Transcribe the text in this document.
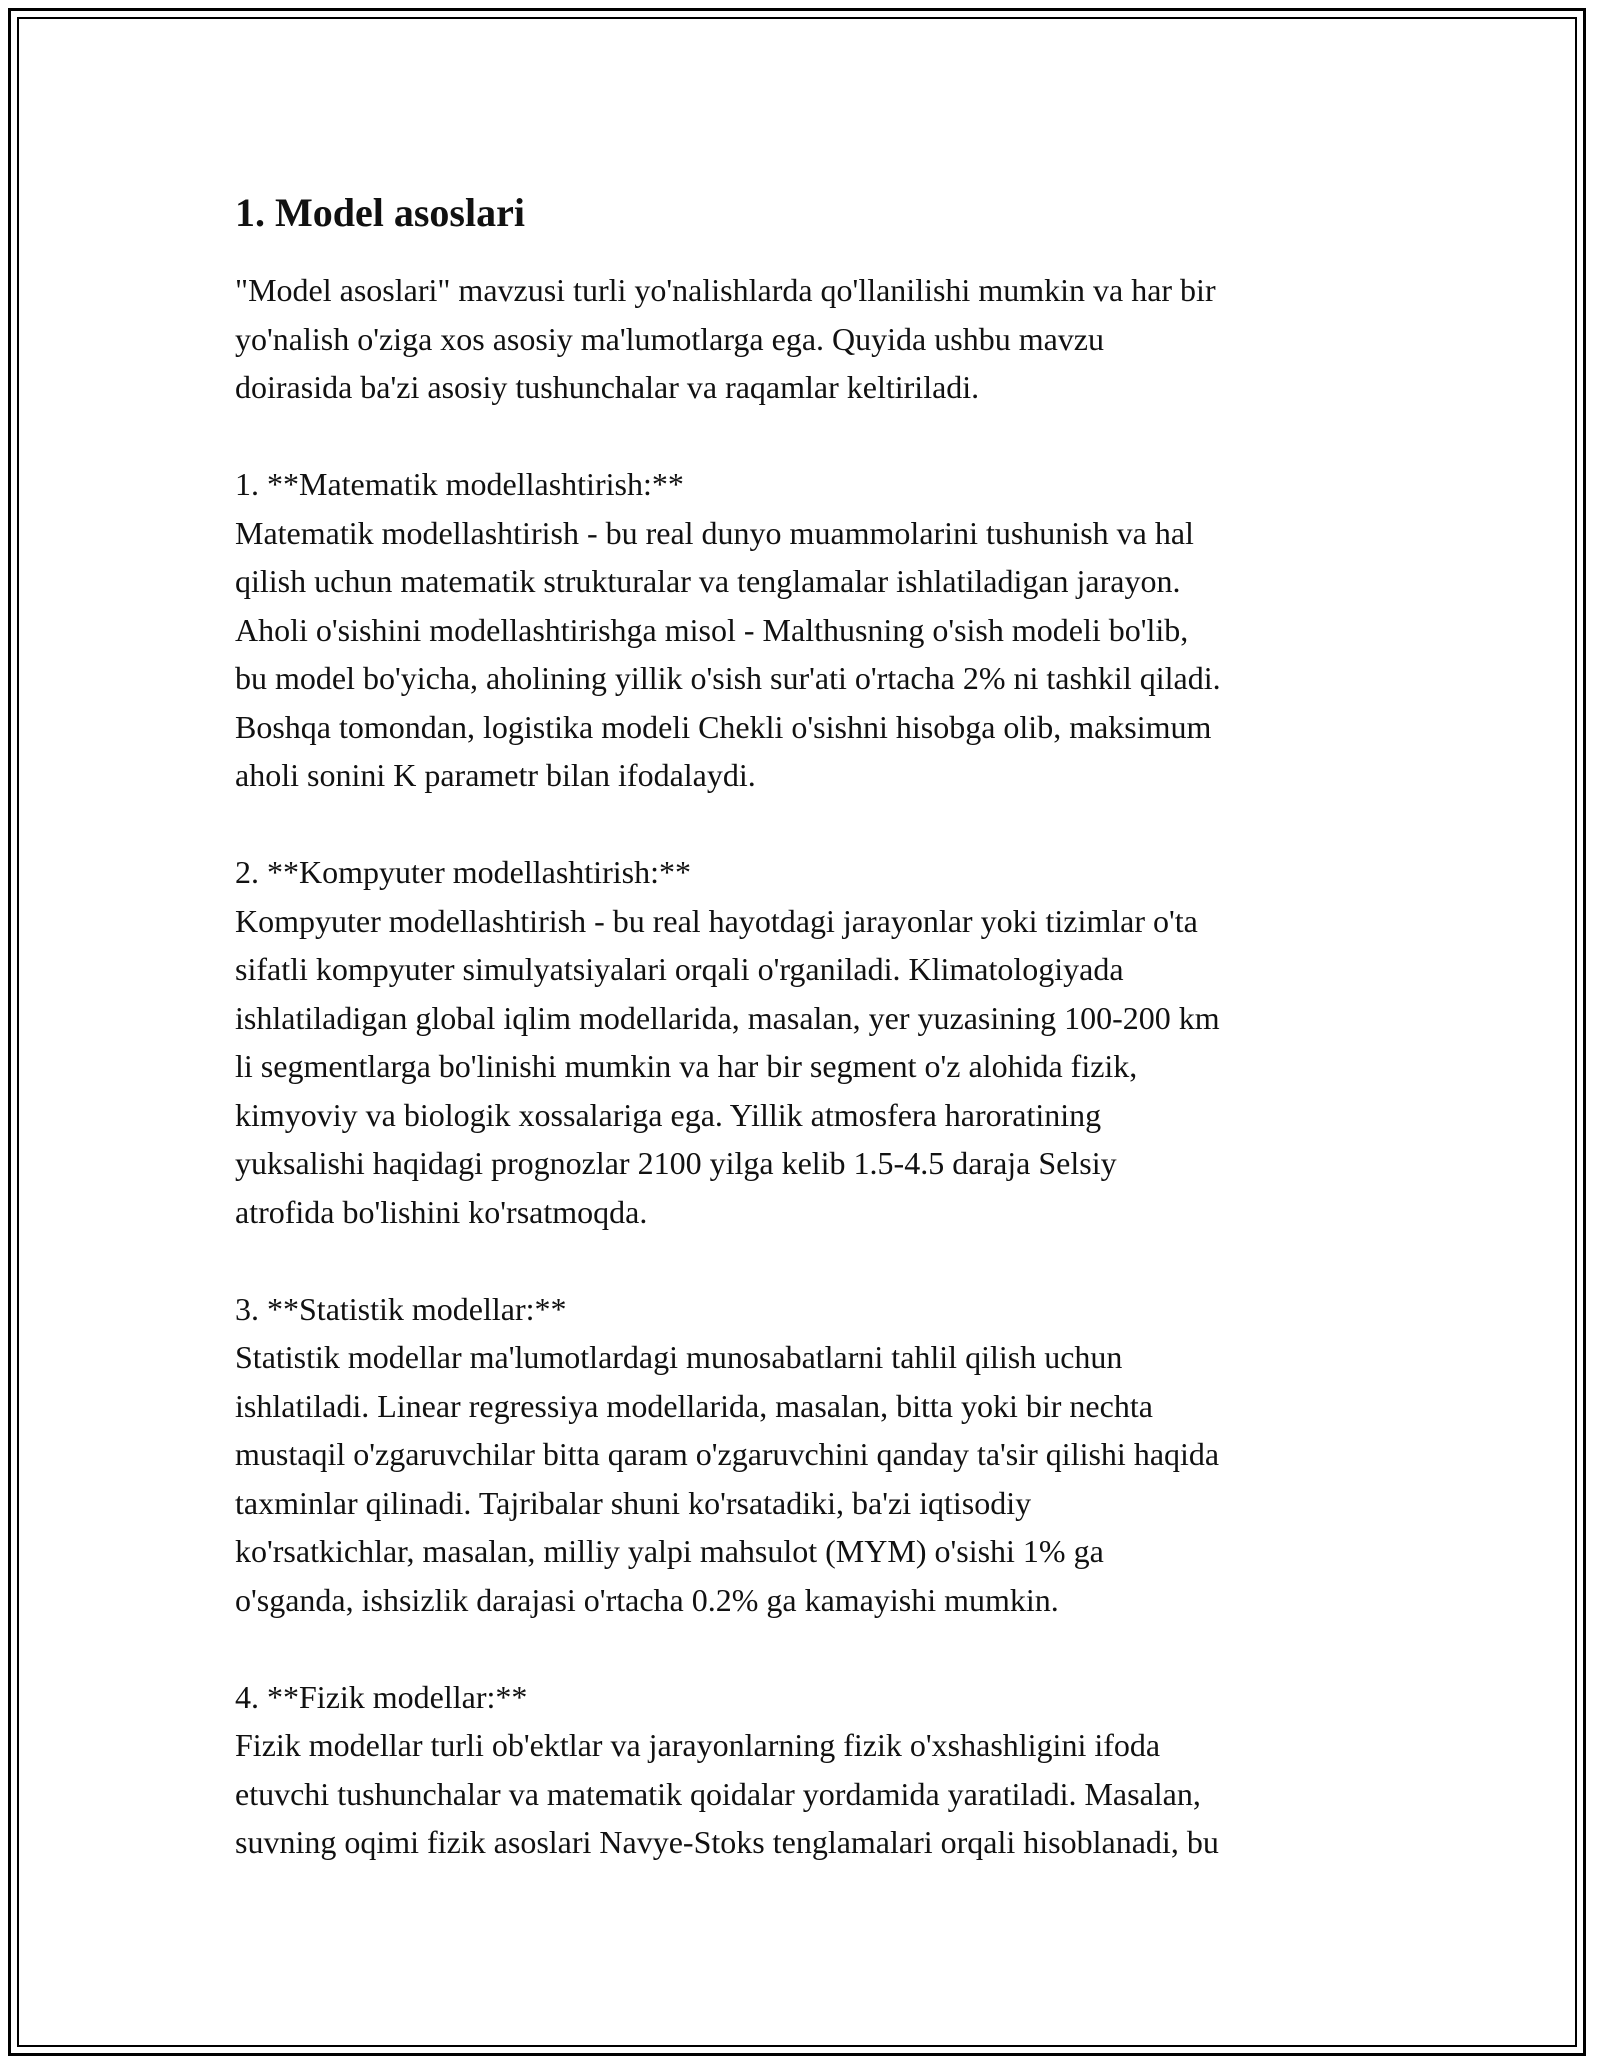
1. Model asoslari

"Model asoslari" mavzusi turli yo'nalishlarda qo'llanilishi mumkin va har bir
yo'nalish o'ziga xos asosiy ma'lumotlarga ega. Quyida ushbu mavzu
doirasida ba'zi asosiy tushunchalar va raqamlar keltiriladi.

1. **Matematik modellashtirish:**

Matematik modellashtirish - bu real dunyo muammolarini tushunish va hal
qilish uchun matematik strukturalar va tenglamalar ishlatiladigan jarayon.
Aholi o'sishini modellashtirishga misol - Malthusning o'sish modeli bo'lib,
bu model bo'yicha, aholining yillik o'sish sur'ati o'rtacha 2% ni tashkil qiladi.
Boshqa tomondan, logistika modeli Chekli o'sishni hisobga olib, maksimum
aholi sonini K parametr bilan ifodalaydi.

2. **Kompyuter modellashtirish:**

Kompyuter modellashtirish - bu real hayotdagi jarayonlar yoki tizimlar o'ta
sifatli kompyuter simulyatsiyalari orqali o'rganiladi. Klimatologiyada
ishlatiladigan global iqlim modellarida, masalan, yer yuzasining 100-200 km
li segmentlarga bo'linishi mumkin va har bir segment o'z alohida fizik,
kimyoviy va biologik xossalariga ega. Yillik atmosfera haroratining
yuksalishi haqidagi prognozlar 2100 yilga kelib 1.5-4.5 daraja Selsiy
atrofida bo'lishini ko'rsatmoqda.

3. **Statistik modellar:**

Statistik modellar ma'lumotlardagi munosabatlarni tahlil qilish uchun
ishlatiladi. Linear regressiya modellarida, masalan, bitta yoki bir nechta
mustaqil o'zgaruvchilar bitta qaram o'zgaruvchini qanday ta'sir qilishi haqida
taxminlar qilinadi. Tajribalar shuni ko'rsatadiki, ba'zi iqtisodiy
ko'rsatkichlar, masalan, milliy yalpi mahsulot (MYM) o'sishi 1% ga
o'sganda, ishsizlik darajasi o'rtacha 0.2% ga kamayishi mumkin.

4. **Fizik modellar:**

Fizik modellar turli ob'ektlar va jarayonlarning fizik o'xshashligini ifoda
etuvchi tushunchalar va matematik qoidalar yordamida yaratiladi. Masalan,
suvning oqimi fizik asoslari Navye-Stoks tenglamalari orqali hisoblanadi, bu
